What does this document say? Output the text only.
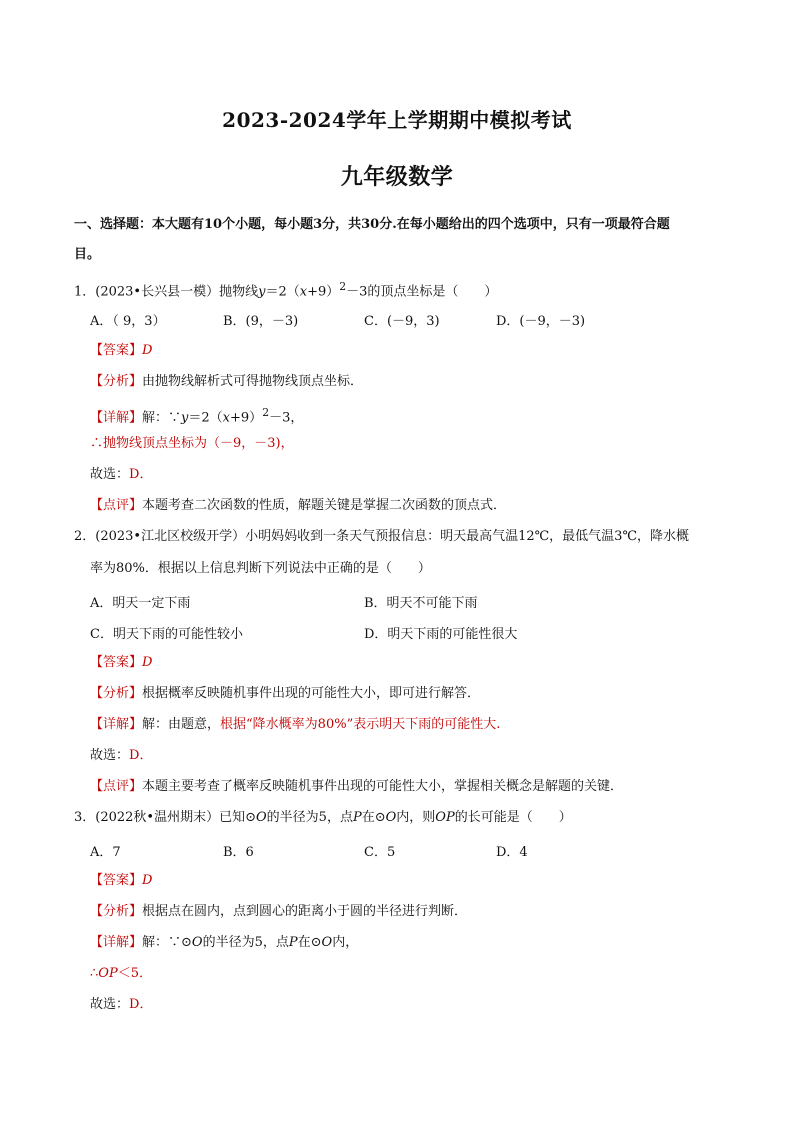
2023-2024学年上学期期中模拟考试
九年级数学
一、选择题：本大题有10个小题，每小题3分，共30分.在每小题给出的四个选项中，只有一项最符合题
目。
1．(2023•长兴县一模）抛物线$y=2(x+9)^2-3$的顶点坐标是（　　）
A．（ 9，3）	B．(9，－3)	C．(－9，3)	D．(－9，－3)
【答案】D
【分析】由抛物线解析式可得抛物线顶点坐标．
【详解】解：$\because y=2(x+9)^2-3$，
∴抛物线顶点坐标为（－9，－3)，
故选：D．
【点评】本题考查二次函数的性质，解题关键是掌握二次函数的顶点式．
2．(2023•江北区校级开学）小明妈妈收到一条天气预报信息：明天最高气温12℃，最低气温3℃，降水概
率为80%．根据以上信息判断下列说法中正确的是（　　）
A．明天一定下雨	B．明天不可能下雨
C．明天下雨的可能性较小	D．明天下雨的可能性很大
【答案】D
【分析】根据概率反映随机事件出现的可能性大小，即可进行解答．
【详解】解：由题意，根据“降水概率为80%”表示明天下雨的可能性大.
故选：D．
【点评】本题主要考查了概率反映随机事件出现的可能性大小，掌握相关概念是解题的关键．
3．(2022秋•温州期末）已知⊙O的半径为5，点P在⊙O内，则OP的长可能是（　　）
A．7	B．6	C．5	D．4
【答案】D
【分析】根据点在圆内，点到圆心的距离小于圆的半径进行判断．
【详解】解：∵⊙O的半径为5，点P在⊙O内，
∴OP＜5．
故选：D．
